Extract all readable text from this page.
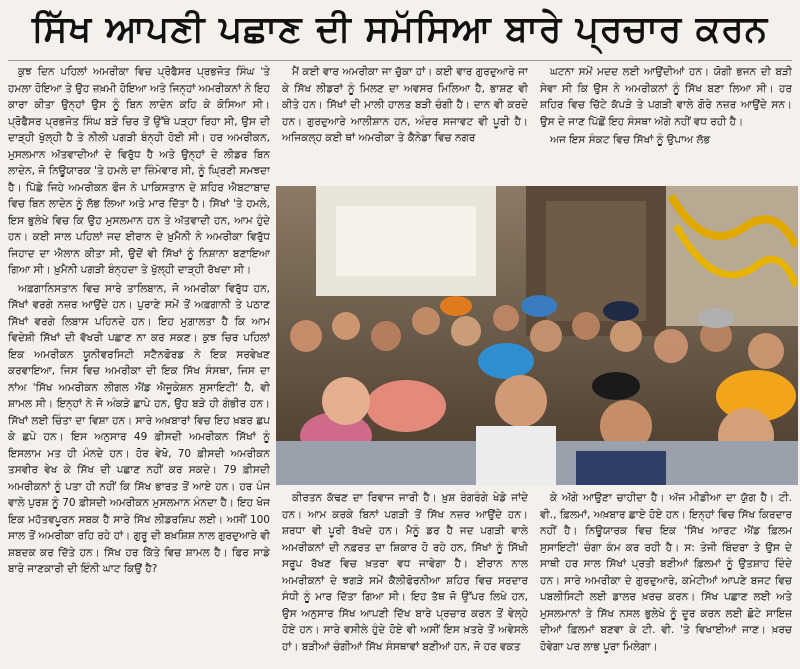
ਸਿੱਖ ਆਪਣੀ ਪਛਾਣ ਦੀ ਸਮੱਸਿਆ ਬਾਰੇ ਪ੍ਰਚਾਰ ਕਰਨ

ਕੁਝ ਦਿਨ ਪਹਿਲਾਂ ਅਮਰੀਕਾ ਵਿਚ ਪ੍ਰੋਫੈਸਰ ਪ੍ਰਭਜੋਤ ਸਿੰਘ 'ਤੇ ਹਮਲਾ ਹੋਇਆ ਤੇ ਉਹ ਜ਼ਖ਼ਮੀ ਹੋਇਆ ਅਤੇ ਜਿਨ੍ਹਾਂ ਅਮਰੀਕਨਾਂ ਨੇ ਇਹ ਕਾਰਾ ਕੀਤਾ ਉਨ੍ਹਾਂ ਉਸ ਨੂੰ ਬਿਨ ਲਾਦੇਨ ਕਹਿ ਕੇ ਕੋਸਿਆ ਸੀ। ਪ੍ਰੋਫੈਸਰ ਪ੍ਰਭਜੋਤ ਸਿੰਘ ਬੜੇ ਚਿਰ ਤੋਂ ਉੱਥੇ ਪੜ੍ਹਾ ਰਿਹਾ ਸੀ, ਉਸ ਦੀ ਦਾੜ੍ਹੀ ਖੁੱਲ੍ਹੀ ਹੈ ਤੇ ਨੀਲੀ ਪਗੜੀ ਬੰਨ੍ਹੀ ਹੋਈ ਸੀ। ਹਰ ਅਮਰੀਕਨ, ਮੁਸਲਮਾਨ ਅੱਤਵਾਦੀਆਂ ਦੇ ਵਿਰੁੱਧ ਹੈ ਅਤੇ ਉਨ੍ਹਾਂ ਦੇ ਲੀਡਰ ਬਿਨ ਲਾਦੇਨ, ਜੋ ਨਿਊਯਾਰਕ 'ਤੇ ਹਮਲੇ ਦਾ ਜ਼ਿੰਮੇਵਾਰ ਸੀ, ਨੂੰ ਘ੍ਰਿਣੀ ਸਮਝਦਾ ਹੈ। ਪਿੱਛੇ ਜਿਹੇ ਅਮਰੀਕਨ ਫੌਜ ਨੇ ਪਾਕਿਸਤਾਨ ਦੇ ਸ਼ਹਿਰ ਐਬਟਾਬਾਦ ਵਿਚ ਬਿਨ ਲਾਦੇਨ ਨੂੰ ਲੱਭ ਲਿਆ ਅਤੇ ਮਾਰ ਦਿੱਤਾ ਹੈ। ਸਿੱਖਾਂ 'ਤੇ ਹਮਲੇ, ਇਸ ਭੁਲੇਖੇ ਵਿਚ ਕਿ ਉਹ ਮੁਸਲਮਾਨ ਹਨ ਤੇ ਅੱਤਵਾਦੀ ਹਨ, ਆਮ ਹੁੰਦੇ ਹਨ। ਕਈ ਸਾਲ ਪਹਿਲਾਂ ਜਦ ਈਰਾਨ ਦੇ ਖ਼ੁਮੈਨੀ ਨੇ ਅਮਰੀਕਾ ਵਿਰੁੱਧ ਜਿਹਾਦ ਦਾ ਐਲਾਨ ਕੀਤਾ ਸੀ, ਉਦੋਂ ਵੀ ਸਿੱਖਾਂ ਨੂੰ ਨਿਸ਼ਾਨਾ ਬਣਾਇਆ ਗਿਆ ਸੀ। ਖ਼ੁਮੈਨੀ ਪਗੜੀ ਬੰਨ੍ਹਦਾ ਤੇ ਖੁੱਲ੍ਹੀ ਦਾੜ੍ਹੀ ਰੱਖਦਾ ਸੀ।

ਅਫ਼ਗਾਨਿਸਤਾਨ ਵਿਚ ਸਾਰੇ ਤਾਲਿਬਾਨ, ਜੋ ਅਮਰੀਕਾ ਵਿਰੁੱਧ ਹਨ, ਸਿੱਖਾਂ ਵਰਗੇ ਨਜ਼ਰ ਆਉਂਦੇ ਹਨ। ਪੁਰਾਣੇ ਸਮੇਂ ਤੋਂ ਅਫ਼ਗਾਨੀ ਤੇ ਪਠਾਣ ਸਿੱਖਾਂ ਵਰਗੇ ਲਿਬਾਸ ਪਹਿਨਦੇ ਹਨ। ਇਹ ਮੁਗ਼ਾਲਤਾ ਹੈ ਕਿ ਆਮ ਵਿਦੇਸ਼ੀ ਸਿੱਖਾਂ ਦੀ ਵੱਖਰੀ ਪਛਾਣ ਨਾ ਕਰ ਸਕਣ। ਕੁਝ ਚਿਰ ਪਹਿਲਾਂ ਇਕ ਅਮਰੀਕਨ ਯੂਨੀਵਰਸਿਟੀ ਸਟੈਨਫੋਰਡ ਨੇ ਇਕ ਸਰਵੇਖਣ ਕਰਵਾਇਆ, ਜਿਸ ਵਿਚ ਅਮਰੀਕਾ ਦੀ ਇਕ ਸਿੱਖ ਸੰਸਥਾ, ਜਿਸ ਦਾ ਨਾਂਅ 'ਸਿੱਖ ਅਮਰੀਕਨ ਲੀਗਲ ਐਂਡ ਐਜੂਕੇਸ਼ਨ ਸੁਸਾਇਟੀ' ਹੈ, ਵੀ ਸ਼ਾਮਲ ਸੀ। ਇਨ੍ਹਾਂ ਨੇ ਜੋ ਅੰਕੜੇ ਛਾਪੇ ਹਨ, ਉਹ ਬੜੇ ਹੀ ਗੰਭੀਰ ਹਨ। ਸਿੱਖਾਂ ਲਈ ਚਿੰਤਾ ਦਾ ਵਿਸ਼ਾ ਹਨ। ਸਾਰੇ ਅਖ਼ਬਾਰਾਂ ਵਿਚ ਇਹ ਖ਼ਬਰ ਛਪ ਕੇ ਛਪੇ ਹਨ। ਇਸ ਅਨੁਸਾਰ 49 ਫ਼ੀਸਦੀ ਅਮਰੀਕਨ ਸਿੱਖਾਂ ਨੂੰ ਇਸਲਾਮ ਮਤ ਹੀ ਮੰਨਦੇ ਹਨ। ਹੋਰ ਵੇਖੋ, 70 ਫ਼ੀਸਦੀ ਅਮਰੀਕਨ ਤਸਵੀਰ ਵੇਖ ਕੇ ਸਿੱਖ ਦੀ ਪਛਾਣ ਨਹੀਂ ਕਰ ਸਕਦੇ। 79 ਫ਼ੀਸਦੀ ਅਮਰੀਕਨਾਂ ਨੂੰ ਪਤਾ ਹੀ ਨਹੀਂ ਕਿ ਸਿੱਖ ਭਾਰਤ ਤੋਂ ਆਏ ਹਨ। ਹਰ ਪੰਜ ਵਾਲੇ ਪੁਰਸ਼ ਨੂੰ 70 ਫ਼ੀਸਦੀ ਅਮਰੀਕਨ ਮੁਸਲਮਾਨ ਮੰਨਦਾ ਹੈ। ਇਹ ਖੋਜ ਇਕ ਮਹੱਤਵਪੂਰਨ ਸਬਕ ਹੈ ਸਾਰੇ ਸਿੱਖ ਲੀਡਰਸ਼ਿਪ ਲਈ। ਅਸੀਂ 100 ਸਾਲ ਤੋਂ ਅਮਰੀਕਾ ਰਹਿ ਰਹੇ ਹਾਂ। ਗੁਰੂ ਦੀ ਬਖ਼ਸ਼ਿਸ਼ ਨਾਲ ਗੁਰਦੁਆਰੇ ਵੀ ਸ਼ਬਦਕ ਕਰ ਦਿੱਤੇ ਹਨ। ਸਿੱਖ ਹਰ ਕਿੱਤੇ ਵਿਚ ਸ਼ਾਮਲ ਹੈ। ਫਿਰ ਸਾਡੇ ਬਾਰੇ ਜਾਣਕਾਰੀ ਦੀ ਇੰਨੀ ਘਾਟ ਕਿਉਂ ਹੈ?

ਮੈਂ ਕਈ ਵਾਰ ਅਮਰੀਕਾ ਜਾ ਚੁੱਕਾ ਹਾਂ। ਕਈ ਵਾਰ ਗੁਰਦੁਆਰੇ ਜਾ ਕੇ ਸਿੱਖ ਲੀਡਰਾਂ ਨੂੰ ਮਿਲਣ ਦਾ ਅਵਸਰ ਮਿਲਿਆ ਹੈ, ਭਾਸ਼ਣ ਵੀ ਕੀਤੇ ਹਨ। ਸਿੱਖਾਂ ਦੀ ਮਾਲੀ ਹਾਲਤ ਬੜੀ ਚੰਗੀ ਹੈ। ਦਾਨ ਵੀ ਕਰਦੇ ਹਨ। ਗੁਰਦੁਆਰੇ ਆਲੀਸ਼ਾਨ ਹਨ, ਅੰਦਰ ਸਜਾਵਟ ਵੀ ਪੂਰੀ ਹੈ। ਅਜਿਕਲ੍ਹ ਕਈ ਥਾਂ ਅਮਰੀਕਾ ਤੇ ਕੈਨੇਡਾ ਵਿਚ ਨਗਰ

ਘਟਨਾ ਸਮੇਂ ਮਦਦ ਲਈ ਆਉਂਦੀਆਂ ਹਨ। ਯੋਗੀ ਭਜਨ ਦੀ ਬੜੀ ਸੇਵਾ ਸੀ ਕਿ ਉਸ ਨੇ ਅਮਰੀਕਨਾਂ ਨੂੰ ਸਿੱਖ ਬਣਾ ਲਿਆ ਸੀ। ਹਰ ਸ਼ਹਿਰ ਵਿਚ ਚਿੱਟੇ ਕੱਪੜੇ ਤੇ ਪਗੜੀ ਵਾਲੇ ਗੋਰੇ ਨਜ਼ਰ ਆਉਂਦੇ ਸਨ। ਉਸ ਦੇ ਜਾਣ ਪਿੱਛੋਂ ਇਹ ਸੰਸਥਾ ਅੱਗੇ ਨਹੀਂ ਵਧ ਰਹੀ ਹੈ।

ਅਜ ਇਸ ਸੰਕਟ ਵਿਚ ਸਿੱਖਾਂ ਨੂੰ ਉਪਾਅ ਲੱਭ

ਕੀਰਤਨ ਕੱਢਣ ਦਾ ਰਿਵਾਜ ਜਾਰੀ ਹੈ। ਖ਼ੁਸ਼ ਰੰਗਰੰਗੇ ਖੇਡੇ ਜਾਂਦੇ ਹਨ। ਆਮ ਕਰਕੇ ਬਿਨਾਂ ਪਗੜੀ ਤੋਂ ਸਿੱਖ ਨਜ਼ਰ ਆਉਂਦੇ ਹਨ। ਸ਼ਰਧਾ ਵੀ ਪੂਰੀ ਰੱਖਦੇ ਹਨ। ਮੈਨੂੰ ਡਰ ਹੈ ਜਦ ਪਗੜੀ ਵਾਲੇ ਅਮਰੀਕਨਾਂ ਦੀ ਨਫ਼ਰਤ ਦਾ ਸ਼ਿਕਾਰ ਹੋ ਰਹੇ ਹਨ, ਸਿੱਖਾਂ ਨੂੰ ਸਿੱਖੀ ਸਰੂਪ ਰੱਖਣ ਵਿਚ ਖ਼ਤਰਾ ਵਧ ਜਾਵੇਗਾ ਹੈ। ਈਰਾਨ ਨਾਲ ਅਮਰੀਕਨਾਂ ਦੇ ਝਗੜੇ ਸਮੇਂ ਕੈਲੀਫੋਰਨੀਆ ਸ਼ਹਿਰ ਵਿਚ ਸਰਦਾਰ ਸੰਧੀ ਨੂੰ ਮਾਰ ਦਿੱਤਾ ਗਿਆ ਸੀ। ਇਹ ਤੱਥ ਜੋ ਉੱਪਰ ਲਿਖੇ ਹਨ, ਉਸ ਅਨੁਸਾਰ ਸਿੱਖ ਆਪਣੀ ਦਿੱਖ ਬਾਰੇ ਪ੍ਰਚਾਰ ਕਰਨ ਤੋਂ ਵੇਲ੍ਹੇ ਹੋਏ ਹਨ। ਸਾਰੇ ਵਸੀਲੇ ਹੁੰਦੇ ਹੋਏ ਵੀ ਅਸੀਂ ਇਸ ਖ਼ਤਰੇ ਤੋਂ ਅਵੇਸਲੇ ਹਾਂ। ਬੜੀਆਂ ਚੰਗੀਆਂ ਸਿੱਖ ਸੰਸਥਾਵਾਂ ਬਣੀਆਂ ਹਨ, ਜੋ ਹਰ ਵਕਤ

ਕੇ ਅੱਗੇ ਆਉਣਾ ਚਾਹੀਦਾ ਹੈ। ਅੱਜ ਮੀਡੀਆ ਦਾ ਯੁੱਗ ਹੈ। ਟੀ. ਵੀ., ਫ਼ਿਲਮਾਂ, ਅਖ਼ਬਾਰ ਛਾਏ ਹੋਏ ਹਨ। ਇਨ੍ਹਾਂ ਵਿਚ ਸਿੱਖ ਕਿਰਦਾਰ ਨਹੀਂ ਹੈ। ਨਿਊਯਾਰਕ ਵਿਚ ਇਕ 'ਸਿੱਖ ਆਰਟ ਐਂਡ ਫ਼ਿਲਮ ਸੁਸਾਇਟੀ' ਚੰਗਾ ਕੰਮ ਕਰ ਰਹੀ ਹੈ। ਸ: ਤੇਜੀ ਬਿੰਦਰਾ ਤੇ ਉਸ ਦੇ ਸਾਥੀ ਹਰ ਸਾਲ ਸਿੱਖਾਂ ਪ੍ਰਤੀ ਬਣੀਆਂ ਫ਼ਿਲਮਾਂ ਨੂੰ ਉਤਸ਼ਾਹ ਦਿੰਦੇ ਹਨ। ਸਾਰੇ ਅਮਰੀਕਾ ਦੇ ਗੁਰਦੁਆਰੇ, ਕਮੇਟੀਆਂ ਆਪਣੇ ਬਜਟ ਵਿਚ ਪਬਲੀਸਿਟੀ ਲਈ ਡਾਲਰ ਖ਼ਰਚ ਕਰਨ। ਸਿੱਖ ਪਛਾਣ ਲਈ ਅਤੇ ਮੁਸਲਮਾਨਾਂ ਤੇ ਸਿੱਖ ਨਸਲ ਭੁਲੇਖੇ ਨੂੰ ਦੂਰ ਕਰਨ ਲਈ ਛੋਟੇ ਸਾਇਜ਼ ਦੀਆਂ ਫ਼ਿਲਮਾਂ ਬਣਵਾ ਕੇ ਟੀ. ਵੀ. 'ਤੇ ਵਿਖਾਈਆਂ ਜਾਣ। ਖ਼ਰਚ ਹੋਵੇਗਾ ਪਰ ਲਾਭ ਪੂਰਾ ਮਿਲੇਗਾ।
